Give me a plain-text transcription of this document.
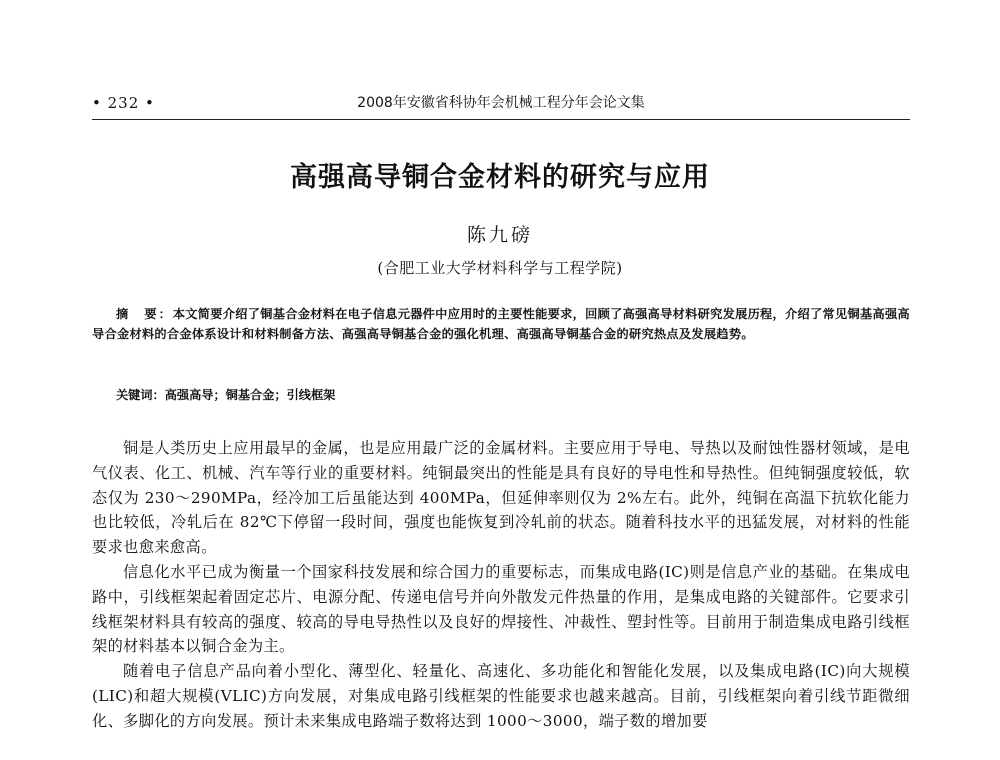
• 232 •	2008年安徽省科协年会机械工程分年会论文集
高强高导铜合金材料的研究与应用
陈九磅
(合肥工业大学材料科学与工程学院)
摘　要：本文简要介绍了铜基合金材料在电子信息元器件中应用时的主要性能要求，回顾了高强高导材料研究发展历程，介绍了常见铜基高强高导合金材料的合金体系设计和材料制备方法、高强高导铜基合金的强化机理、高强高导铜基合金的研究热点及发展趋势。
关键词：高强高导；铜基合金；引线框架

铜是人类历史上应用最早的金属，也是应用最广泛的金属材料。主要应用于导电、导热以及耐蚀性器材领域，是电气仪表、化工、机械、汽车等行业的重要材料。纯铜最突出的性能是具有良好的导电性和导热性。但纯铜强度较低，软态仅为 230～290MPa，经冷加工后虽能达到 400MPa，但延伸率则仅为 2%左右。此外，纯铜在高温下抗软化能力也比较低，冷轧后在 82℃下停留一段时间，强度也能恢复到冷轧前的状态。随着科技水平的迅猛发展，对材料的性能要求也愈来愈高。

信息化水平已成为衡量一个国家科技发展和综合国力的重要标志，而集成电路(IC)则是信息产业的基础。在集成电路中，引线框架起着固定芯片、电源分配、传递电信号并向外散发元件热量的作用，是集成电路的关键部件。它要求引线框架材料具有较高的强度、较高的导电导热性以及良好的焊接性、冲裁性、塑封性等。目前用于制造集成电路引线框架的材料基本以铜合金为主。

随着电子信息产品向着小型化、薄型化、轻量化、高速化、多功能化和智能化发展，以及集成电路(IC)向大规模(LIC)和超大规模(VLIC)方向发展，对集成电路引线框架的性能要求也越来越高。目前，引线框架向着引线节距微细化、多脚化的方向发展。预计未来集成电路端子数将达到 1000～3000，端子数的增加要
